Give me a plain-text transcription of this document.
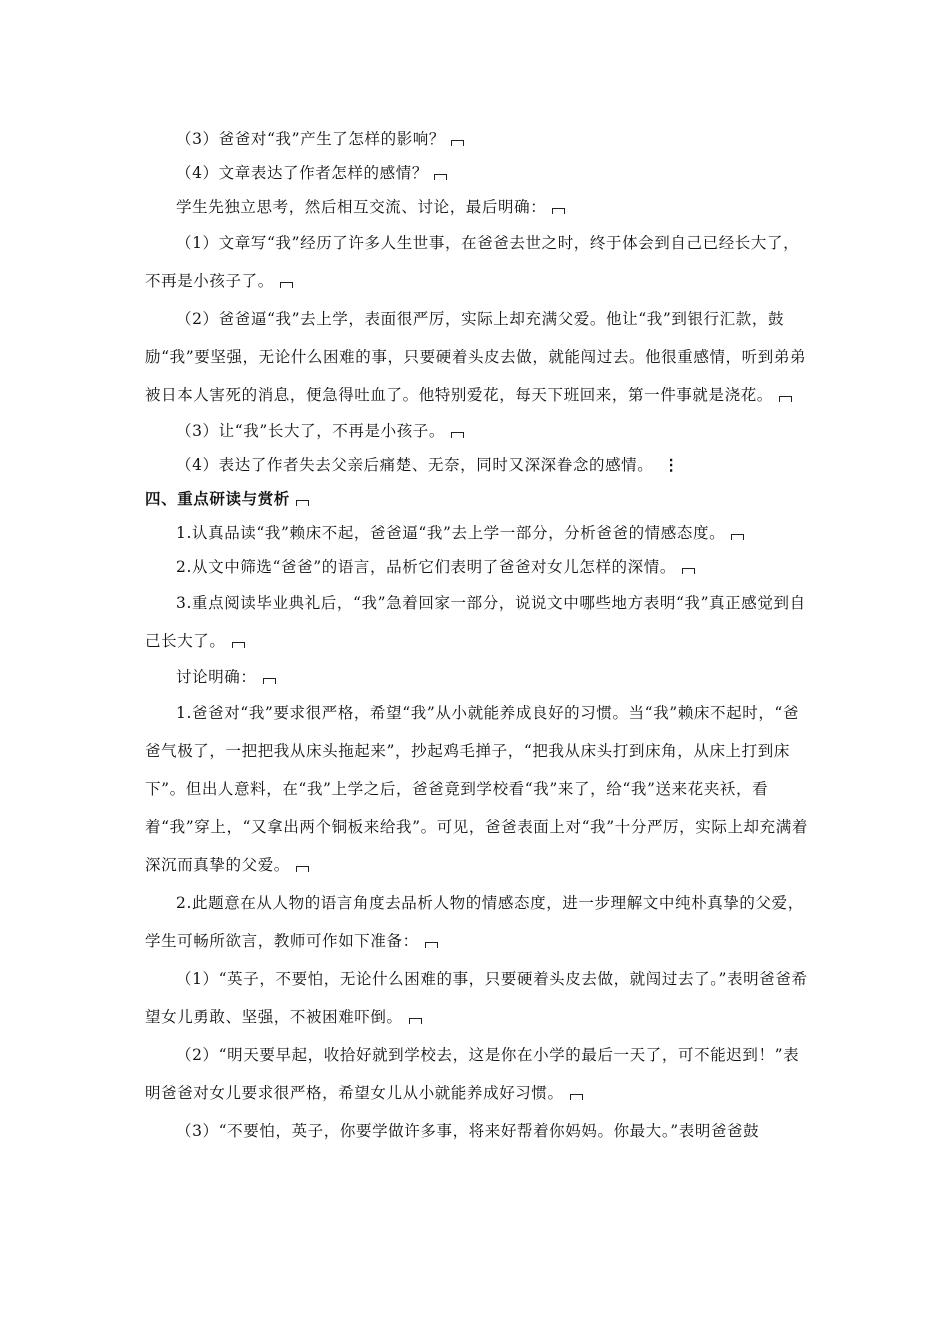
（3）爸爸对“我”产生了怎样的影响？

（4）文章表达了作者怎样的感情？

学生先独立思考，然后相互交流、讨论，最后明确：

（1）文章写“我”经历了许多人生世事，在爸爸去世之时，终于体会到自己已经长大了，不再是小孩子了。

（2）爸爸逼“我”去上学，表面很严厉，实际上却充满父爱。他让“我”到银行汇款，鼓励“我”要坚强，无论什么困难的事，只要硬着头皮去做，就能闯过去。他很重感情，听到弟弟被日本人害死的消息，便急得吐血了。他特别爱花，每天下班回来，第一件事就是浇花。

（3）让“我”长大了，不再是小孩子。

（4）表达了作者失去父亲后痛楚、无奈，同时又深深眷念的感情。 ⋮

四、重点研读与赏析

1.认真品读“我”赖床不起，爸爸逼“我”去上学一部分，分析爸爸的情感态度。

2.从文中筛选“爸爸”的语言，品析它们表明了爸爸对女儿怎样的深情。

3.重点阅读毕业典礼后，“我”急着回家一部分，说说文中哪些地方表明“我”真正感觉到自己长大了。

讨论明确：

1.爸爸对“我”要求很严格，希望“我”从小就能养成良好的习惯。当“我”赖床不起时，“爸爸气极了，一把把我从床头拖起来”，抄起鸡毛掸子，“把我从床头打到床角，从床上打到床下”。但出人意料，在“我”上学之后，爸爸竟到学校看“我”来了，给“我”送来花夹袄，看着“我”穿上，“又拿出两个铜板来给我”。可见，爸爸表面上对“我”十分严厉，实际上却充满着深沉而真挚的父爱。

2.此题意在从人物的语言角度去品析人物的情感态度，进一步理解文中纯朴真挚的父爱，学生可畅所欲言，教师可作如下准备：

（1）“英子，不要怕，无论什么困难的事，只要硬着头皮去做，就闯过去了。”表明爸爸希望女儿勇敢、坚强，不被困难吓倒。

（2）“明天要早起，收拾好就到学校去，这是你在小学的最后一天了，可不能迟到！”表明爸爸对女儿要求很严格，希望女儿从小就能养成好习惯。

（3）“不要怕，英子，你要学做许多事，将来好帮着你妈妈。你最大。”表明爸爸鼓
